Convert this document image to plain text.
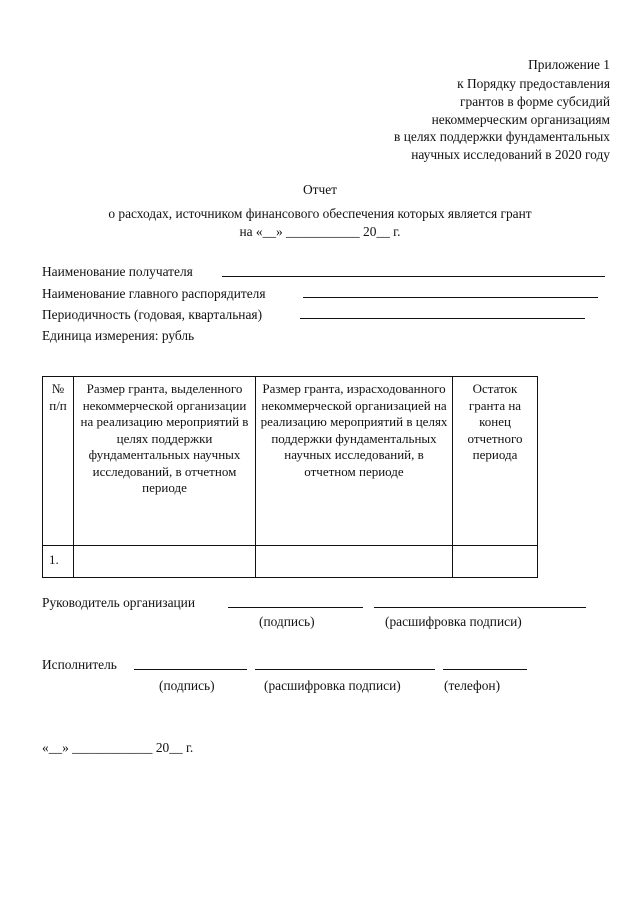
Приложение 1
к Порядку предоставления
грантов в форме субсидий
некоммерческим организациям
в целях поддержки фундаментальных
научных исследований в 2020 году
Отчет
о расходах, источником финансового обеспечения которых является грант
на «__» ___________ 20__ г.
Наименование получателя
Наименование главного распорядителя
Периодичность (годовая, квартальная)
Единица измерения: рубль
№ п/п	Размер гранта, выделенного некоммерческой организации на реализацию мероприятий в целях поддержки фундаментальных научных исследований, в отчетном периоде	Размер гранта, израсходованного некоммерческой организацией на реализацию мероприятий в целях поддержки фундаментальных научных исследований, в отчетном периоде	Остаток гранта на конец отчетного периода
1.			
Руководитель организации
(подпись)	(расшифровка подписи)
Исполнитель
(подпись)	(расшифровка подписи)	(телефон)
«__» ____________ 20__ г.
